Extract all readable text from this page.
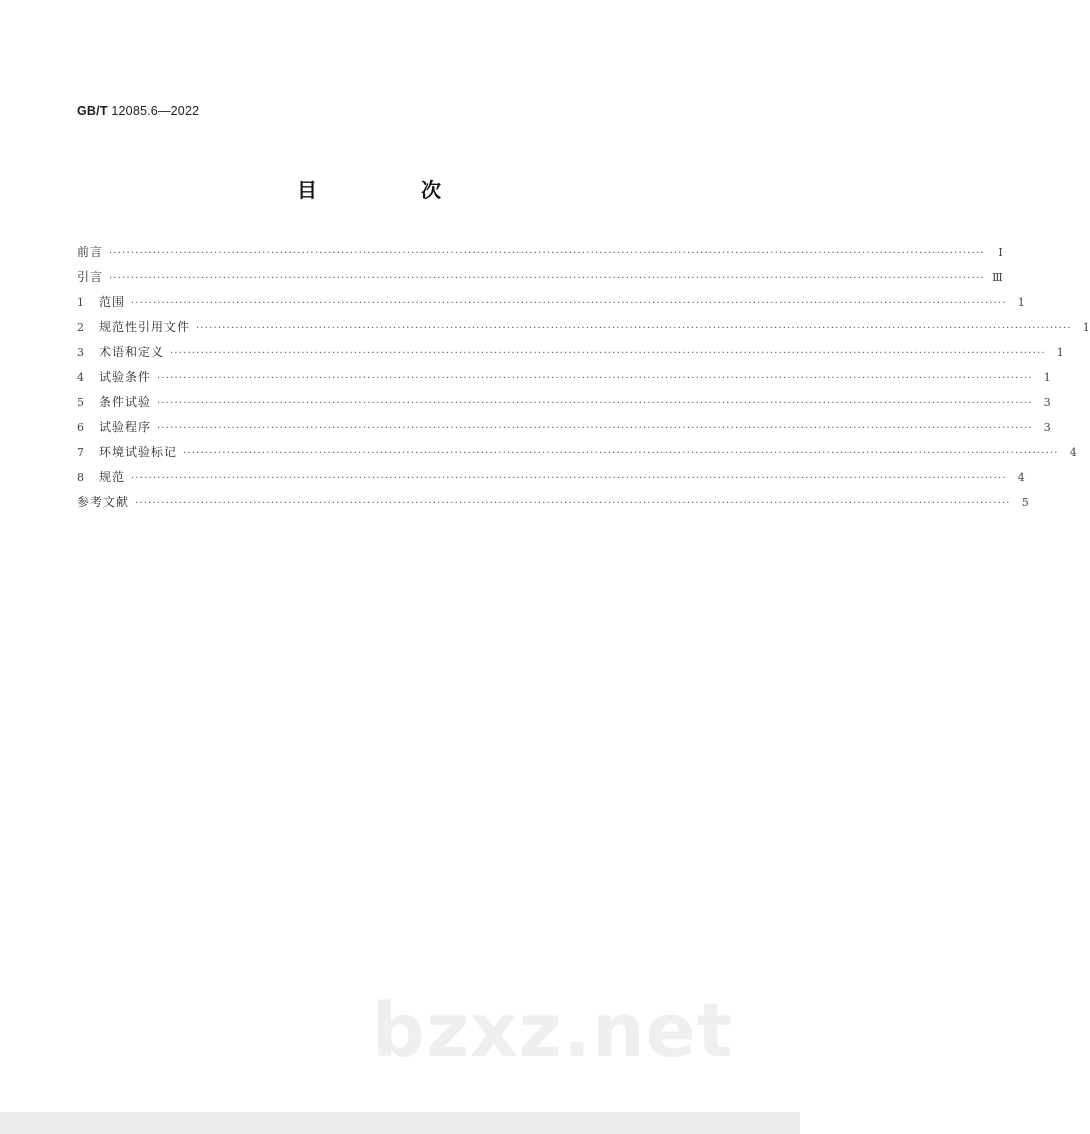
GB/T 12085.6—2022
目　次
前言 ········································································································································································································	Ⅰ
引言 ········································································································································································································ Ⅲ
1	范围 ········································································································································································································	1
2	规范性引用文件 ········································································································································································································	1
3	术语和定义 ········································································································································································································	1
4	试验条件 ········································································································································································································	1
5	条件试验 ········································································································································································································	3
6	试验程序 ········································································································································································································	3
7	环境试验标记 ········································································································································································································	4
8	规范 ········································································································································································································	4
参考文献 ········································································································································································································	5
bzxz.net
